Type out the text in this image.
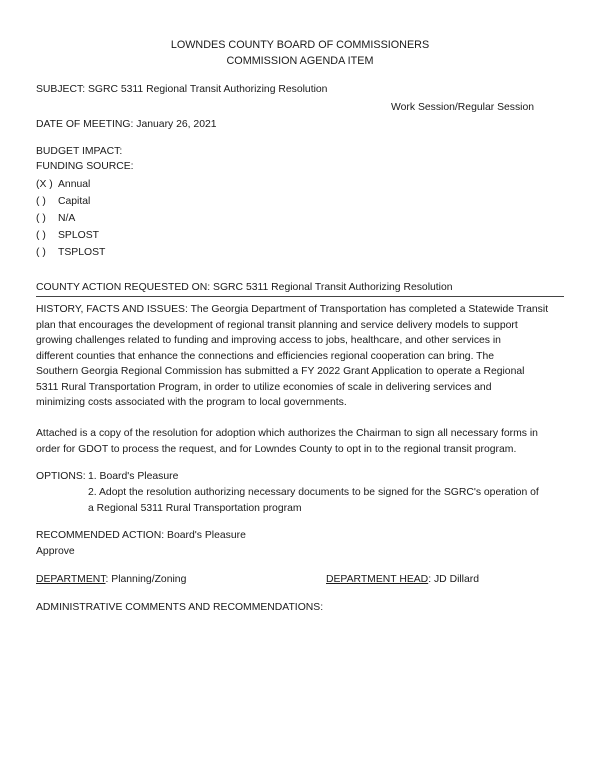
LOWNDES COUNTY BOARD OF COMMISSIONERS
COMMISSION AGENDA ITEM
SUBJECT: SGRC 5311 Regional Transit Authorizing Resolution
Work Session/Regular Session
DATE OF MEETING: January 26, 2021
BUDGET IMPACT:
FUNDING SOURCE:
(X ) Annual
( ) Capital
( ) N/A
( ) SPLOST
( ) TSPLOST
COUNTY ACTION REQUESTED ON: SGRC 5311 Regional Transit Authorizing Resolution
HISTORY, FACTS AND ISSUES: The Georgia Department of Transportation has completed a Statewide Transit
plan that encourages the development of regional transit planning and service delivery models to support
growing challenges related to funding and improving access to jobs, healthcare, and other services in
different counties that enhance the connections and efficiencies regional cooperation can bring. The
Southern Georgia Regional Commission has submitted a FY 2022 Grant Application to operate a Regional
5311 Rural Transportation Program, in order to utilize economies of scale in delivering services and
minimizing costs associated with the program to local governments.
Attached is a copy of the resolution for adoption which authorizes the Chairman to sign all necessary forms in
order for GDOT to process the request, and for Lowndes County to opt in to the regional transit program.
OPTIONS: 1. Board's Pleasure
2. Adopt the resolution authorizing necessary documents to be signed for the SGRC's operation of
a Regional 5311 Rural Transportation program
RECOMMENDED ACTION: Board's Pleasure
Approve
DEPARTMENT: Planning/Zoning	DEPARTMENT HEAD: JD Dillard
ADMINISTRATIVE COMMENTS AND RECOMMENDATIONS:
